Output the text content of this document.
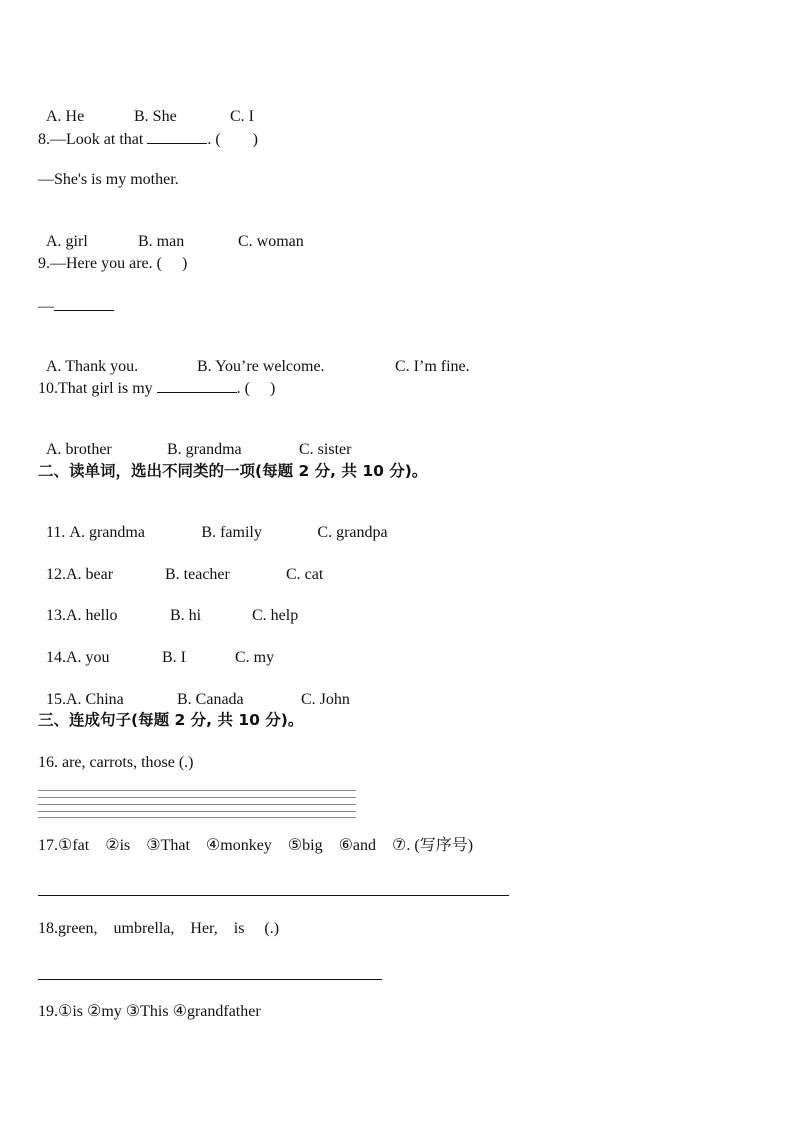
A. He	B. She	C. I

8.—Look at that	. (        )
—She's is my mother.

A. girl	B. man	C. woman

9.—Here you are. (     )
—

A. Thank you.	B. You’re welcome.	C. I’m fine.

10.That girl is my	. (     )

A. brother	B. grandma	C. sister

二、读单词，选出不同类的一项(每题 2 分, 共 10 分)。

11. A. grandma	B. family	C. grandpa

12.A. bear	B. teacher	C. cat

13.A. hello	B. hi	C. help

14.A. you	B. I	C. my

15.A. China	B. Canada	C. John

三、连成句子(每题 2 分, 共 10 分)。
16. are, carrots, those (.)
17.①fat    ②is    ③That    ④monkey    ⑤big    ⑥and    ⑦. (写序号)
18.green,    umbrella,    Her,    is     (.)
19.①is ②my ③This ④grandfather
